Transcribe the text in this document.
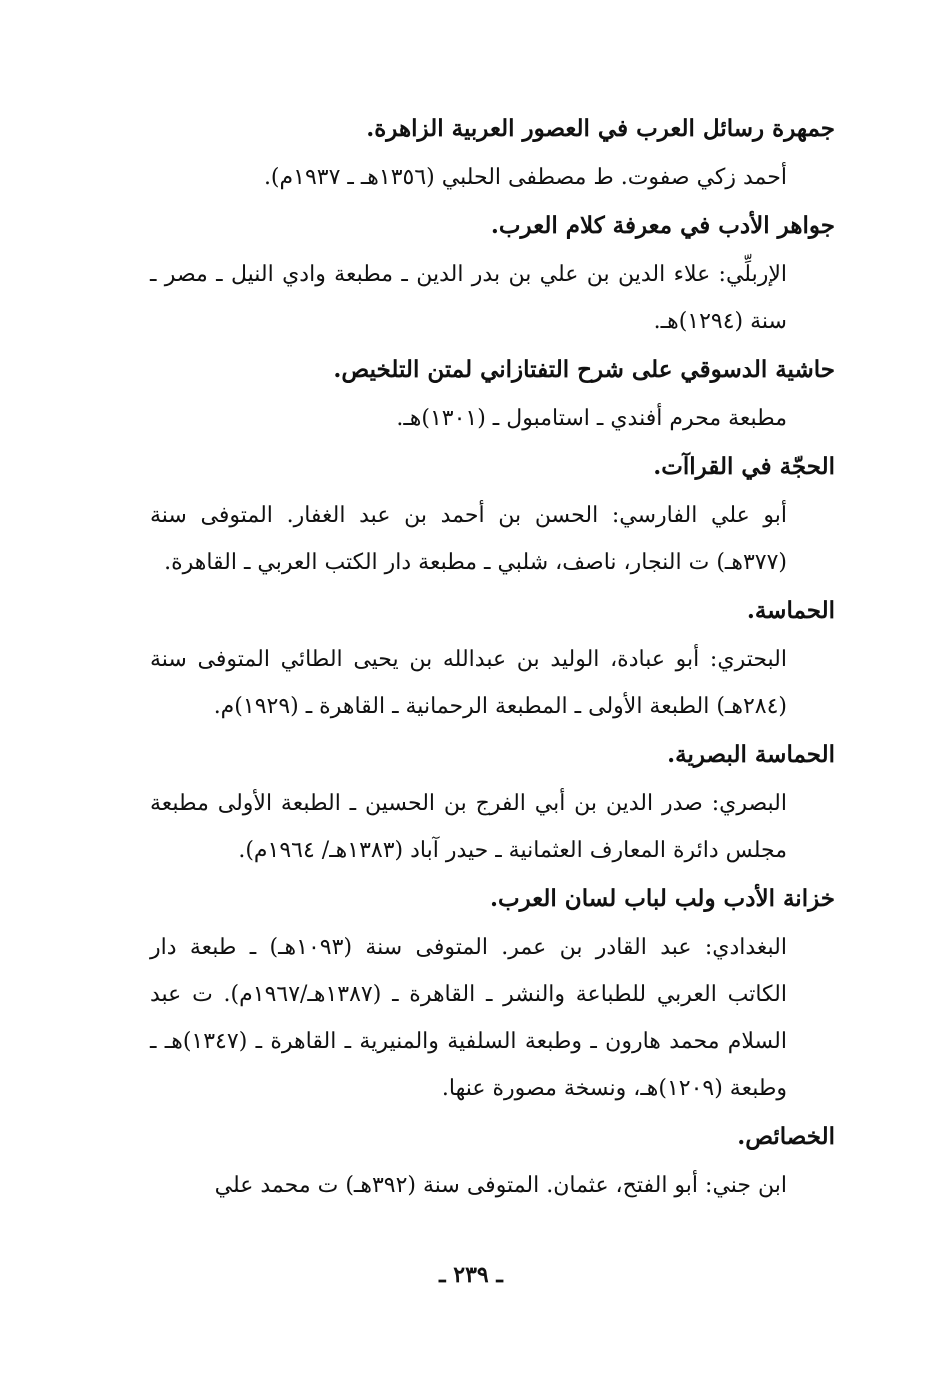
جمهرة رسائل العرب في العصور العربية الزاهرة.
أحمد زكي صفوت. ط مصطفى الحلبي (١٣٥٦هـ ـ ١٩٣٧م).
جواهر الأدب في معرفة كلام العرب.
الإربلِّي: علاء الدين بن علي بن بدر الدين ـ مطبعة وادي النيل ـ مصر ـ سنة (١٢٩٤)هـ.
حاشية الدسوقي على شرح التفتازاني لمتن التلخيص.
مطبعة محرم أفندي ـ استامبول ـ (١٣٠١)هـ.
الحجّة في القراآت.
أبو علي الفارسي: الحسن بن أحمد بن عبد الغفار. المتوفى سنة (٣٧٧هـ) ت النجار، ناصف، شلبي ـ مطبعة دار الكتب العربي ـ القاهرة.
الحماسة.
البحتري: أبو عبادة، الوليد بن عبدالله بن يحيى الطائي المتوفى سنة (٢٨٤هـ) الطبعة الأولى ـ المطبعة الرحمانية ـ القاهرة ـ (١٩٢٩)م.
الحماسة البصرية.
البصري: صدر الدين بن أبي الفرج بن الحسين ـ الطبعة الأولى مطبعة مجلس دائرة المعارف العثمانية ـ حيدر آباد (١٣٨٣هـ/ ١٩٦٤م).
خزانة الأدب ولب لباب لسان العرب.
البغدادي: عبد القادر بن عمر. المتوفى سنة (١٠٩٣هـ) ـ طبعة دار الكاتب العربي للطباعة والنشر ـ القاهرة ـ (١٣٨٧هـ/١٩٦٧م). ت عبد السلام محمد هارون ـ وطبعة السلفية والمنيرية ـ القاهرة ـ (١٣٤٧)هـ ـ وطبعة (١٢٠٩)هـ، ونسخة مصورة عنها.
الخصائص.
ابن جني: أبو الفتح، عثمان. المتوفى سنة (٣٩٢هـ) ت محمد علي
ـ ٢٣٩ ـ
